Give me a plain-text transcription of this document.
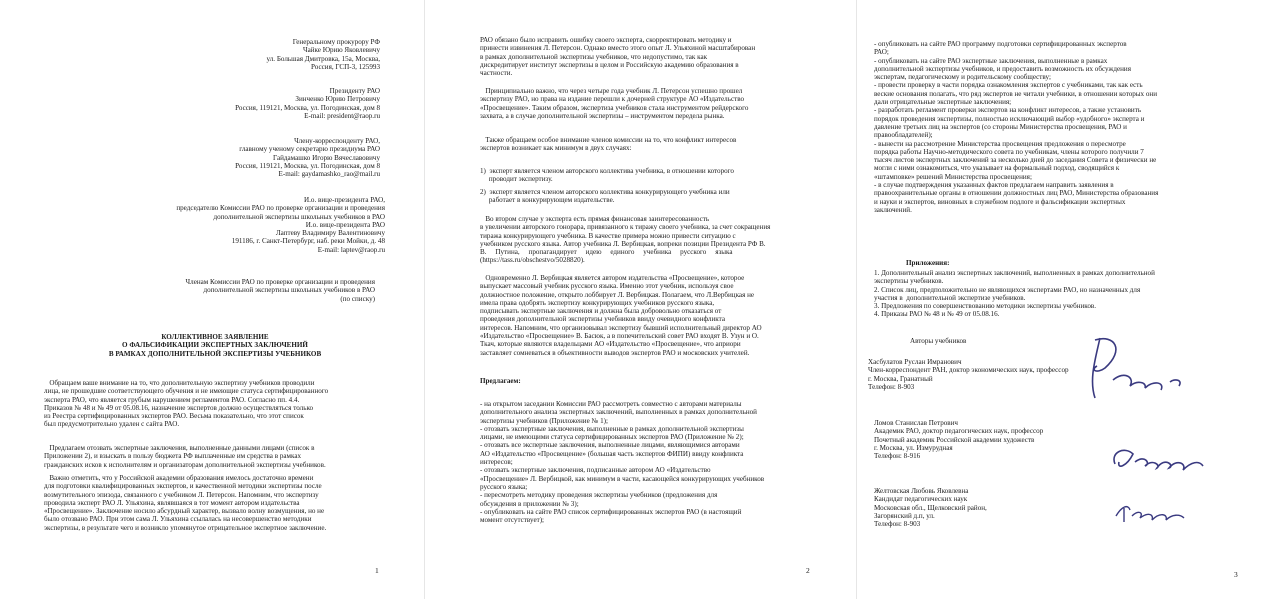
Генеральному прокурору РФ
Чайке Юрию Яковлевичу
ул. Большая Дмитровка, 15а, Москва,
Россия, ГСП-3, 125993
Президенту РАО
Зинченко Юрию Петровичу
Россия, 119121, Москва, ул. Погодинская, дом 8
E-mail: president@raop.ru
Члену-корреспонденту РАО,
главному ученому секретарю президиума РАО
Гайдамашко Игорю Вячеславовичу
Россия, 119121, Москва, ул. Погодинская, дом 8
E-mail: gaydamashko_rao@mail.ru
И.о. вице-президента РАО,
председателю Комиссии РАО по проверке организации и проведения
дополнительной экспертизы школьных учебников в РАО
И.о. вице-президента РАО
Лаптеву Владимиру Валентиновичу
191186, г. Санкт-Петербург, наб. реки Мойки, д. 48
E-mail: laptev@raop.ru
Членам Комиссии РАО по проверке организации и проведения
дополнительной экспертизы школьных учебников в РАО
(по списку)
КОЛЛЕКТИВНОЕ ЗАЯВЛЕНИЕ
О ФАЛЬСИФИКАЦИИ ЭКСПЕРТНЫХ ЗАКЛЮЧЕНИЙ
В РАМКАХ ДОПОЛНИТЕЛЬНОЙ ЭКСПЕРТИЗЫ УЧЕБНИКОВ
Обращаем ваше внимание на то, что дополнительную экспертизу учебников проводили
лица, не прошедшие соответствующего обучения и не имеющие статуса сертифицированного
эксперта РАО, что является грубым нарушением регламентов РАО. Согласно пп. 4.4.
Приказов № 48 и № 49 от 05.08.16, назначение экспертов должно осуществляться только
из Реестра сертифицированных экспертов РАО. Весьма показательно, что этот список
был предусмотрительно удален с сайта РАО.
Предлагаем отозвать экспертные заключения, выполненные данными лицами (список в
Приложении 2), и взыскать в пользу бюджета РФ выплаченные им средства в рамках
гражданских исков к исполнителям и организаторам дополнительной экспертизы учебников.
Важно отметить, что у Российской академии образования имелось достаточно времени
для подготовки квалифицированных экспертов, и качественной методики экспертизы после
возмутительного эпизода, связанного с учебником Л. Петерсон. Напомним, что экспертизу
проводила эксперт РАО Л. Ульяхина, являвшаяся в тот момент автором издательства
«Просвещение». Заключение носило абсурдный характер, вызвало волну возмущения, но не
было отозвано РАО. При этом сама Л. Ульяхина ссылалась на несовершенство методики
экспертизы, в результате чего и возникло упомянутое отрицательное экспертное заключение.
1
РАО обязано было исправить ошибку своего эксперта, скорректировать методику и
принести извинения Л. Петерсон. Однако вместо этого опыт Л. Ульяхиной масштабирован
в рамках дополнительной экспертизы учебников, что недопустимо, так как
дискредитирует институт экспертизы в целом и Российскую академию образования в
частности.
Принципиально важно, что через четыре года учебник Л. Петерсон успешно прошел
экспертизу РАО, но права на издание перешли к дочерней структуре АО «Издательство
«Просвещение». Таким образом, экспертиза учебников стала инструментом рейдерского
захвата, а в случае дополнительной экспертизы – инструментом передела рынка.
Также обращаем особое внимание членов комиссии на то, что конфликт интересов
экспертов возникает как минимум в двух случаях:
1)  эксперт является членом авторского коллектива учебника, в отношении которого
проводит экспертизу.
2)  эксперт является членом авторского коллектива конкурирующего учебника или
работает в конкурирующем издательстве.
Во втором случае у эксперта есть прямая финансовая заинтересованность
в увеличении авторского гонорара, привязанного к тиражу своего учебника, за счет сокращения
тиража конкурирующего учебника. В качестве примера можно привести ситуацию с
учебником русского языка. Автор учебника Л. Вербицкая, вопреки позиции Президента РФ В.
В.     Путина,     пропагандирует     идею     единого     учебника     русского     языка
(https://tass.ru/obschestvo/5028820).
Одновременно Л. Вербицкая является автором издательства «Просвещение», которое
выпускает массовый учебник русского языка. Именно этот учебник, используя свое
должностное положение, открыто лоббирует Л. Вербицкая. Полагаем, что Л.Вербицкая не
имела права одобрять экспертизу конкурирующих учебников русского языка,
подписывать экспертные заключения и должна была добровольно отказаться от
проведения дополнительной экспертизы учебников ввиду очевидного конфликта
интересов. Напомним, что организовывал экспертизу бывший исполнительный директор АО
«Издательство «Просвещение» В. Басюк, а в попечительский совет РАО входят В. Узун и О.
Ткач, которые являются владельцами АО «Издательство «Просвещение», что априори
заставляет сомневаться в объективности выводов экспертов РАО и московских учителей.
Предлагаем:
- на открытом заседании Комиссии РАО рассмотреть совместно с авторами материалы
дополнительного анализа экспертных заключений, выполненных в рамках дополнительной
экспертизы учебников (Приложение № 1);
- отозвать экспертные заключения, выполненные в рамках дополнительной экспертизы
лицами, не имеющими статуса сертифицированных экспертов РАО (Приложение № 2);
- отозвать все экспертные заключения, выполненные лицами, являющимися авторами
АО «Издательство «Просвещение» (большая часть экспертов ФИПИ) ввиду конфликта
интересов;
- отозвать экспертные заключения, подписанные автором АО «Издательство
«Просвещение» Л. Вербицкой, как минимум в части, касающейся конкурирующих учебников
русского языка;
- пересмотреть методику проведения экспертизы учебников (предложения для
обсуждения в приложении № 3);
- опубликовать на сайте РАО список сертифицированных экспертов РАО (в настоящий
момент отсутствует);
2
- опубликовать на сайте РАО программу подготовки сертифицированных экспертов
РАО;
- опубликовать на сайте РАО экспертные заключения, выполненные в рамках
дополнительной экспертизы учебников, и предоставить возможность их обсуждения
экспертам, педагогическому и родительскому сообществу;
- провести проверку в части порядка ознакомления экспертов с учебниками, так как есть
веские основания полагать, что ряд экспертов не читали учебники, в отношении которых они
дали отрицательные экспертные заключения;
- разработать регламент проверки экспертов на конфликт интересов, а также установить
порядок проведения экспертизы, полностью исключающий выбор «удобного» эксперта и
давление третьих лиц на экспертов (со стороны Министерства просвещения, РАО и
правообладателей);
- вынести на рассмотрение Министерства просвещения предложения о пересмотре
порядка работы Научно-методического совета по учебникам, члены которого получили 7
тысяч листов экспертных заключений за несколько дней до заседания Совета и физически не
могли с ними ознакомиться, что указывает на формальный подход, сводящийся к
«штамповке» решений Министерства просвещения;
- в случае подтверждения указанных фактов предлагаем направить заявления в
правоохранительные органы в отношении должностных лиц РАО, Министерства образования
и науки и экспертов, виновных в служебном подлоге и фальсификации экспертных
заключений.
Приложения:
1. Дополнительный анализ экспертных заключений, выполненных в рамках дополнительной
экспертизы учебников.
2. Список лиц, предположительно не являющихся экспертами РАО, но назначенных для
участия в  дополнительной экспертизе учебников.
3. Предложения по совершенствованию методики экспертизы учебников.
4. Приказы РАО № 48 и № 49 от 05.08.16.
Авторы учебников
Хасбулатов Руслан Имранович
Член-корреспондент РАН, доктор экономических наук, профессор
г. Москва, Гранатный
Телефон: 8-903
Ломов Станислав Петрович
Академик РАО, доктор педагогических наук, профессор
Почетный академик Российской академии художеств
г. Москва, ул. Измурудная
Телефон: 8-916
Желтовская Любовь Яковлевна
Кандидат педагогических наук
Московская обл., Щелковский район,
Загорянский д.п, ул.
Телефон: 8-903
3
